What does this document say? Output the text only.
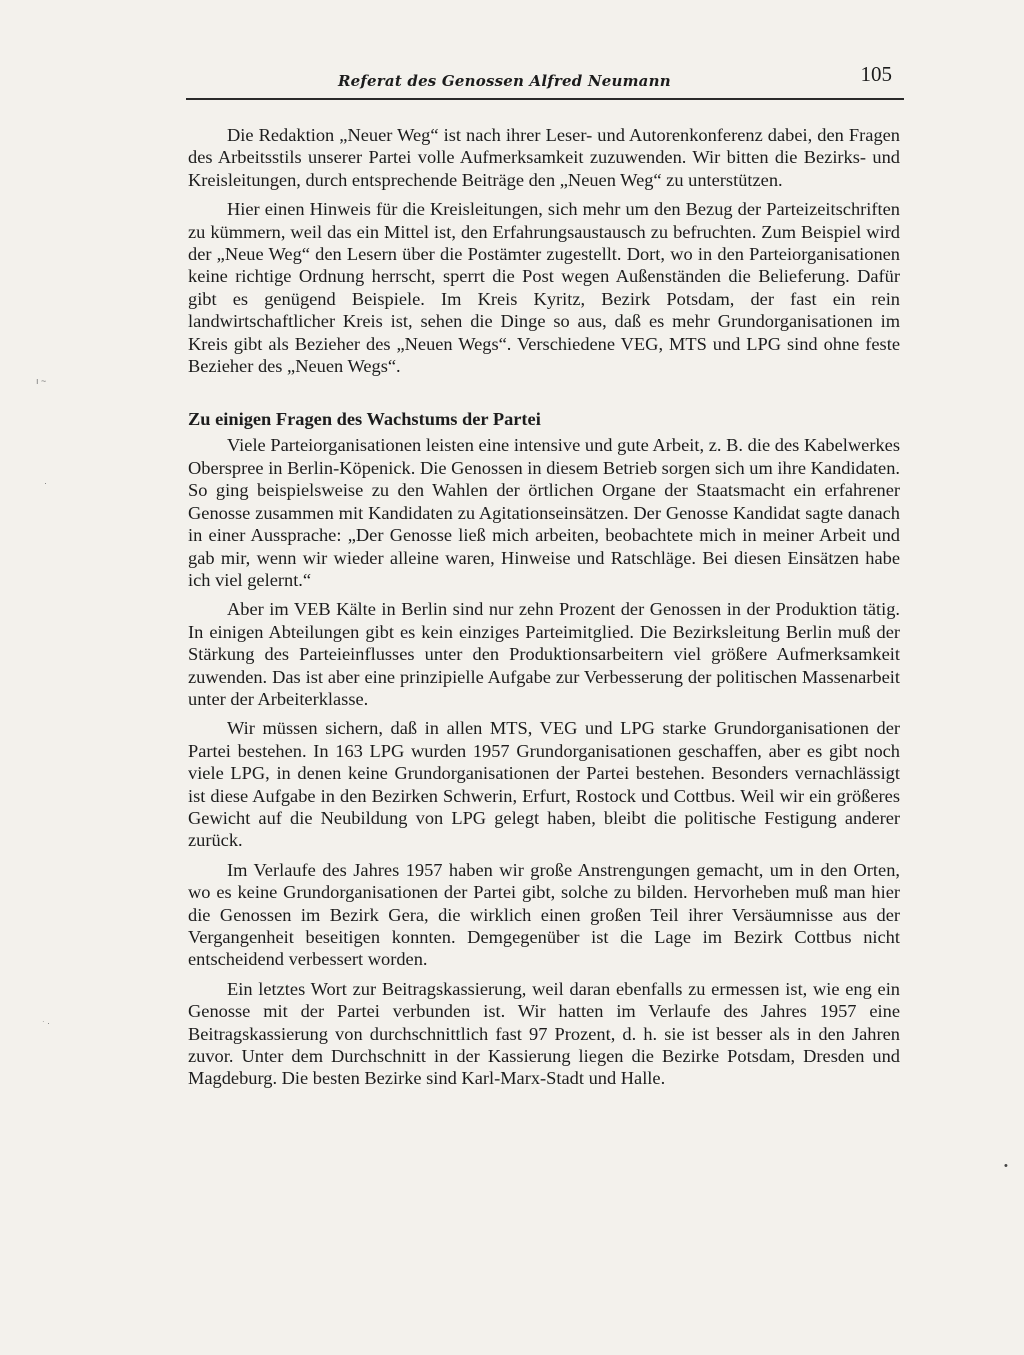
Referat des Genossen Alfred Neumann	105
ı ~
·
ˑ ·
•

Die Redaktion „Neuer Weg“ ist nach ihrer Leser- und Autorenkonferenz dabei, den Fragen des Arbeitsstils unserer Partei volle Aufmerksamkeit zuzuwenden. Wir bitten die Bezirks- und Kreisleitungen, durch entsprechende Beiträge den „Neuen Weg“ zu unterstützen.

Hier einen Hinweis für die Kreisleitungen, sich mehr um den Bezug der Parteizeitschriften zu kümmern, weil das ein Mittel ist, den Erfahrungsaustausch zu befruchten. Zum Beispiel wird der „Neue Weg“ den Lesern über die Postämter zugestellt. Dort, wo in den Parteiorganisationen keine richtige Ordnung herrscht, sperrt die Post wegen Außenständen die Belieferung. Dafür gibt es genügend Beispiele. Im Kreis Kyritz, Bezirk Potsdam, der fast ein rein landwirtschaftlicher Kreis ist, sehen die Dinge so aus, daß es mehr Grundorganisationen im Kreis gibt als Bezieher des „Neuen Wegs“. Verschiedene VEG, MTS und LPG sind ohne feste Bezieher des „Neuen Wegs“.

Zu einigen Fragen des Wachstums der Partei

Viele Parteiorganisationen leisten eine intensive und gute Arbeit, z. B. die des Kabelwerkes Oberspree in Berlin-Köpenick. Die Genossen in diesem Betrieb sorgen sich um ihre Kandidaten. So ging beispielsweise zu den Wahlen der örtlichen Organe der Staatsmacht ein erfahrener Genosse zusammen mit Kandidaten zu Agitationseinsätzen. Der Genosse Kandidat sagte danach in einer Aussprache: „Der Genosse ließ mich arbeiten, beobachtete mich in meiner Arbeit und gab mir, wenn wir wieder alleine waren, Hinweise und Ratschläge. Bei diesen Einsätzen habe ich viel gelernt.“

Aber im VEB Kälte in Berlin sind nur zehn Prozent der Genossen in der Produktion tätig. In einigen Abteilungen gibt es kein einziges Parteimitglied. Die Bezirksleitung Berlin muß der Stärkung des Parteieinflusses unter den Produktionsarbeitern viel größere Aufmerksamkeit zuwenden. Das ist aber eine prinzipielle Aufgabe zur Verbesserung der politischen Massenarbeit unter der Arbeiterklasse.

Wir müssen sichern, daß in allen MTS, VEG und LPG starke Grundorganisationen der Partei bestehen. In 163 LPG wurden 1957 Grundorganisationen geschaffen, aber es gibt noch viele LPG, in denen keine Grundorganisationen der Partei bestehen. Besonders vernachlässigt ist diese Aufgabe in den Bezirken Schwerin, Erfurt, Rostock und Cottbus. Weil wir ein größeres Gewicht auf die Neubildung von LPG gelegt haben, bleibt die politische Festigung anderer zurück.

Im Verlaufe des Jahres 1957 haben wir große Anstrengungen gemacht, um in den Orten, wo es keine Grundorganisationen der Partei gibt, solche zu bilden. Hervorheben muß man hier die Genossen im Bezirk Gera, die wirklich einen großen Teil ihrer Versäumnisse aus der Vergangenheit beseitigen konnten. Demgegenüber ist die Lage im Bezirk Cottbus nicht entscheidend verbessert worden.

Ein letztes Wort zur Beitragskassierung, weil daran ebenfalls zu ermessen ist, wie eng ein Genosse mit der Partei verbunden ist. Wir hatten im Verlaufe des Jahres 1957 eine Beitragskassierung von durchschnittlich fast 97 Prozent, d. h. sie ist besser als in den Jahren zuvor. Unter dem Durchschnitt in der Kassierung liegen die Bezirke Potsdam, Dresden und Magdeburg. Die besten Bezirke sind Karl-Marx-Stadt und Halle.
